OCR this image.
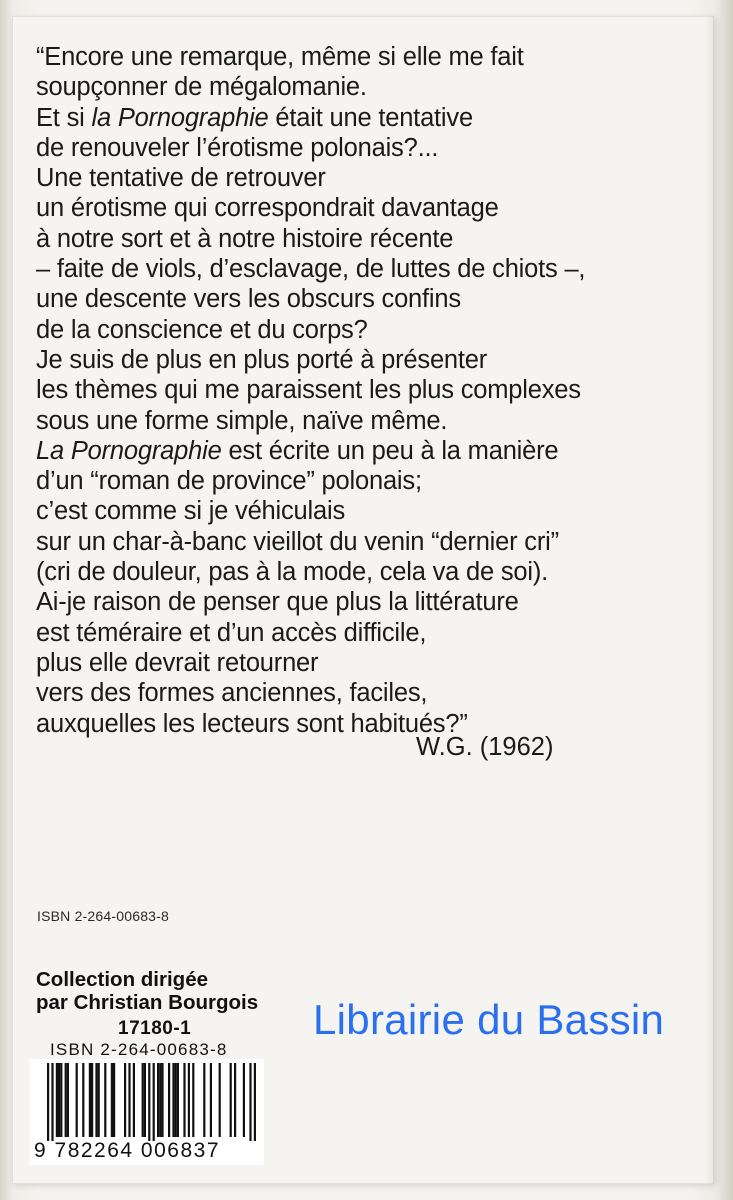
“Encore une remarque, même si elle me fait
soupçonner de mégalomanie.
Et si la Pornographie était une tentative
de renouveler l’érotisme polonais?...
Une tentative de retrouver
un érotisme qui correspondrait davantage
à notre sort et à notre histoire récente
– faite de viols, d’esclavage, de luttes de chiots –,
une descente vers les obscurs confins
de la conscience et du corps?
Je suis de plus en plus porté à présenter
les thèmes qui me paraissent les plus complexes
sous une forme simple, naïve même.
La Pornographie est écrite un peu à la manière
d’un “roman de province” polonais;
c’est comme si je véhiculais
sur un char-à-banc vieillot du venin “dernier cri”
(cri de douleur, pas à la mode, cela va de soi).
Ai-je raison de penser que plus la littérature
est téméraire et d’un accès difficile,
plus elle devrait retourner
vers des formes anciennes, faciles,
auxquelles les lecteurs sont habitués?”
W.G. (1962)
ISBN 2-264-00683-8
Collection dirigée
par Christian Bourgois
17180-1
ISBN 2-264-00683-8
9 782264 006837
Librairie du Bassin
